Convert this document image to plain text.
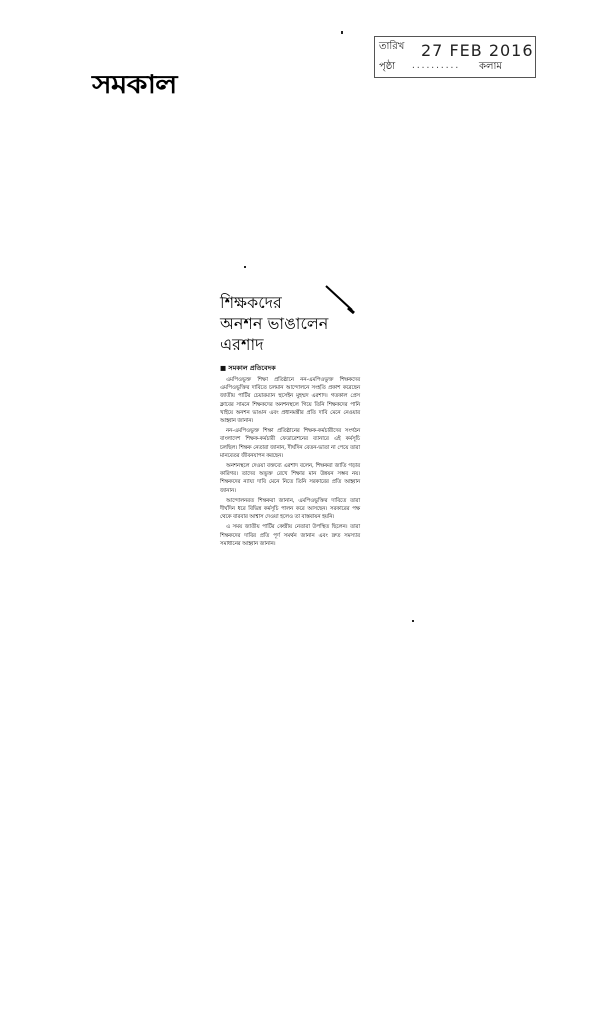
সমকাল
তারিখ 27 FEB 2016
পৃষ্ঠা .......... কলাম
শিক্ষকদের
অনশন ভাঙালেন
এরশাদ
■ সমকাল প্রতিবেদক

এমপিওভুক্ত শিক্ষা প্রতিষ্ঠানে নন-এমপিওভুক্ত শিক্ষকদের এমপিওভুক্তির দাবিতে চলমান আন্দোলনে সংহতি প্রকাশ করেছেন জাতীয় পার্টির চেয়ারম্যান হুসেইন মুহম্মদ এরশাদ। গতকাল প্রেস ক্লাবের সামনে শিক্ষকদের অনশনস্থলে গিয়ে তিনি শিক্ষকদের পানি খাইয়ে অনশন ভাঙান এবং প্রধানমন্ত্রীর প্রতি দাবি মেনে নেওয়ার আহ্বান জানান।

নন-এমপিওভুক্ত শিক্ষা প্রতিষ্ঠানের শিক্ষক-কর্মচারীদের সংগঠন বাংলাদেশ শিক্ষক-কর্মচারী ফেডারেশনের ব্যানারে এই কর্মসূচি চলছিল। শিক্ষক নেতারা জানান, দীর্ঘদিন বেতন-ভাতা না পেয়ে তারা মানবেতর জীবনযাপন করছেন।

অনশনস্থলে দেওয়া বক্তব্যে এরশাদ বলেন, শিক্ষকরা জাতি গড়ার কারিগর। তাদের অভুক্ত রেখে শিক্ষার মান উন্নয়ন সম্ভব নয়। শিক্ষকদের ন্যায্য দাবি মেনে নিতে তিনি সরকারের প্রতি আহ্বান জানান।

আন্দোলনরত শিক্ষকরা জানান, এমপিওভুক্তির দাবিতে তারা দীর্ঘদিন ধরে বিভিন্ন কর্মসূচি পালন করে আসছেন। সরকারের পক্ষ থেকে বারবার আশ্বাস দেওয়া হলেও তা বাস্তবায়ন হয়নি।

এ সময় জাতীয় পার্টির কেন্দ্রীয় নেতারা উপস্থিত ছিলেন। তারা শিক্ষকদের দাবির প্রতি পূর্ণ সমর্থন জানান এবং দ্রুত সমস্যার সমাধানের আহ্বান জানান।
